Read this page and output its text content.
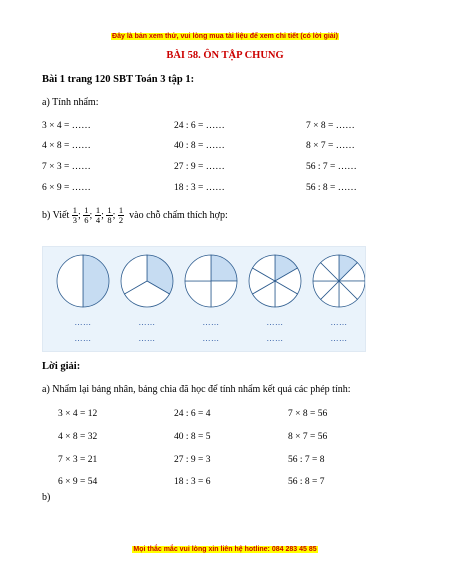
Đây là bản xem thử, vui lòng mua tài liệu để xem chi tiết (có lời giải)
BÀI 58. ÔN TẬP CHUNG
Bài 1 trang 120 SBT Toán 3 tập 1:
a) Tính nhẩm:
3 × 4 = ……	24 : 6 = ……	7 × 8 = ……
4 × 8 = ……	40 : 8 = ……	8 × 7 = ……
7 × 3 = ……	27 : 9 = ……	56 : 7 = ……
6 × 9 = ……	18 : 3 = ……	56 : 8 = ……
b) Viết $\frac{1}{3}$ ; $\frac{1}{6}$ ; $\frac{1}{4}$ ; $\frac{1}{8}$ ; $\frac{1}{2}$ vào chỗ chấm thích hợp:
……
……
……
……
……
……
……
……
……
……
Lời giải:
a) Nhẩm lại bảng nhân, bảng chia đã học để tính nhẩm kết quả các phép tính:
3 × 4 = 12	24 : 6 = 4	7 × 8 = 56
4 × 8 = 32	40 : 8 = 5	8 × 7 = 56
7 × 3 = 21	27 : 9 = 3	56 : 7 = 8
6 × 9 = 54	18 : 3 = 6	56 : 8 = 7
b)
Mọi thắc mắc vui lòng xin liên hệ hotline: 084 283 45 85
